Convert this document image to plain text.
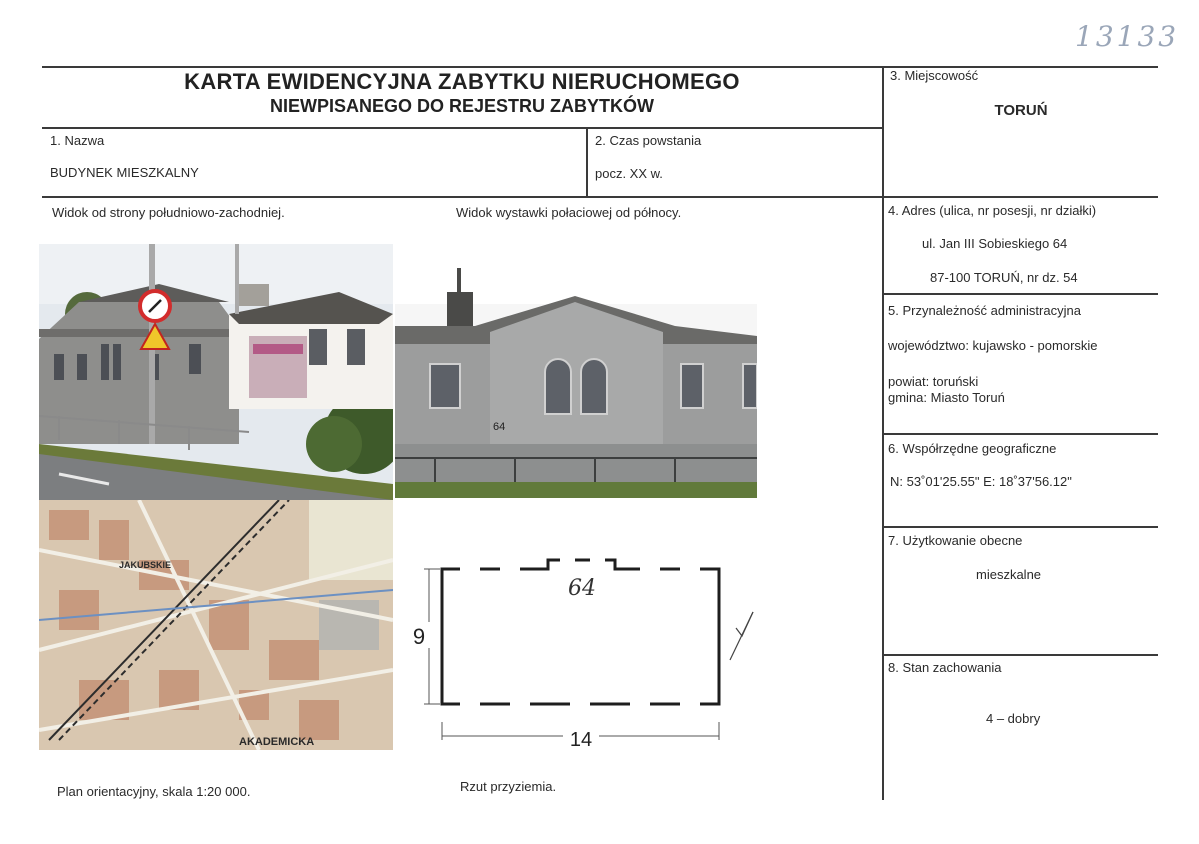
13133
KARTA EWIDENCYJNA ZABYTKU NIERUCHOMEGO
NIEWPISANEGO DO REJESTRU ZABYTKÓW
1. Nazwa
BUDYNEK MIESZKALNY
2. Czas powstania
pocz. XX w.
3. Miejscowość
TORUŃ
4. Adres (ulica, nr posesji, nr działki)
ul. Jan III Sobieskiego 64
87-100 TORUŃ, nr dz. 54
5. Przynależność administracyjna
województwo: kujawsko - pomorskie
powiat: toruński
gmina: Miasto Toruń
6. Współrzędne geograficzne
N: 53˚01'25.55" E: 18˚37'56.12"
7. Użytkowanie obecne
mieszkalne
8. Stan zachowania
4 – dobry
Widok od strony południowo-zachodniej.	Widok wystawki połaciowej od północy.
Plan orientacyjny, skala 1:20 000.	Rzut przyziemia.
64
AKADEMICKA
JAKUBSKIE
64
9
14
